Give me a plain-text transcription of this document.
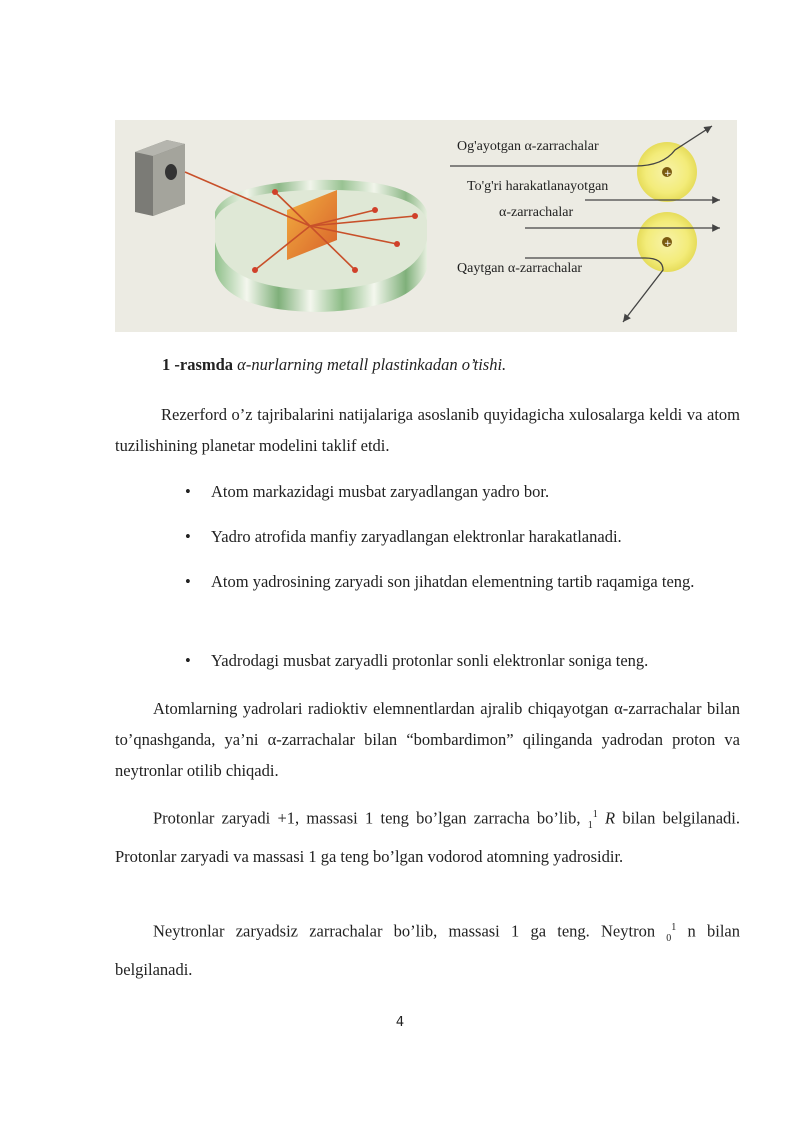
+
+
Og'ayotgan α-zarrachalar
To'g'ri harakatlanayotgan
α-zarrachalar
Qaytgan α-zarrachalar
1 -rasmda α-nurlarning metall plastinkadan o’tishi.

Rezerford o’z tajribalarini natijalariga asoslanib quyidagicha xulosalarga keldi va atom tuzilishining planetar modelini taklif etdi.

• Atom markazidagi musbat zaryadlangan yadro bor.
• Yadro atrofida manfiy zaryadlangan elektronlar harakatlanadi.
• Atom yadrosining zaryadi son jihatdan elementning tartib raqamiga teng.
• Yadrodagi musbat zaryadli protonlar sonli elektronlar soniga teng.

Atomlarning yadrolari radioktiv elemnentlardan ajralib chiqayotgan α-zarrachalar bilan to’qnashganda, ya’ni α-zarrachalar bilan “bombardimon” qilinganda yadrodan proton va neytronlar otilib chiqadi.

Protonlar zaryadi +1, massasi 1 teng bo’lgan zarracha bo’lib, $_1^1$ R bilan belgilanadi. Protonlar zaryadi va massasi 1 ga teng bo’lgan vodorod atomning yadrosidir.

Neytronlar zaryadsiz zarrachalar bo’lib, massasi 1 ga teng. Neytron $_0^1$ n bilan belgilanadi.

4
